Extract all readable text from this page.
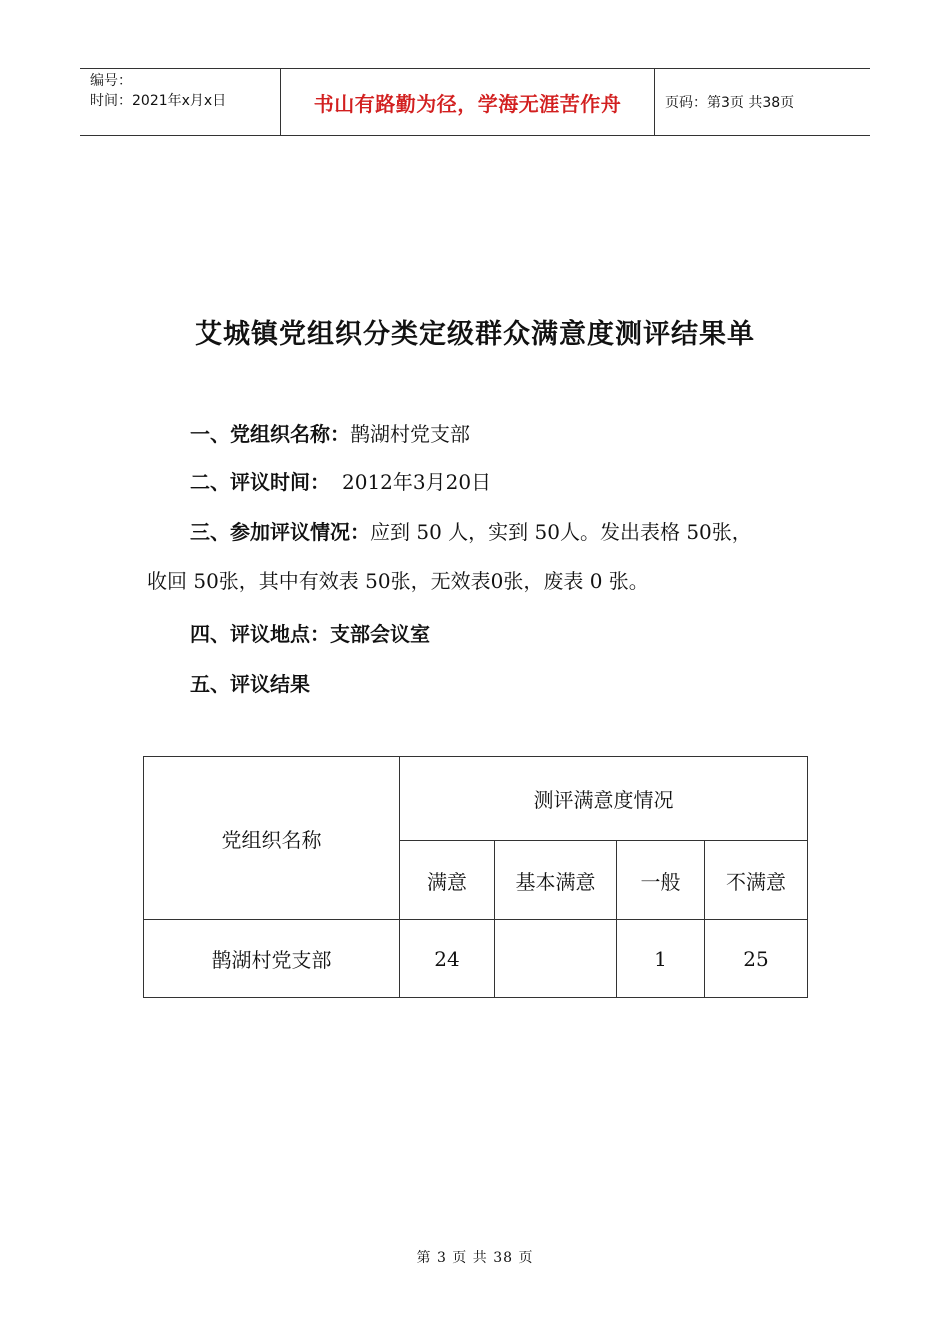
编号：
时间：2021年x月x日	书山有路勤为径，学海无涯苦作舟	页码：第3页 共38页
艾城镇党组织分类定级群众满意度测评结果单
一、党组织名称：鹊湖村党支部
二、评议时间： 2012年3月20日
三、参加评议情况：应到 50 人，实到 50人。发出表格 50张，
收回 50张，其中有效表 50张，无效表0张，废表 0 张。
四、评议地点：支部会议室
五、评议结果
党组织名称	测评满意度情况			
	满意	基本满意	一般	不满意
鹊湖村党支部	24		1	25
第 3 页 共 38 页
